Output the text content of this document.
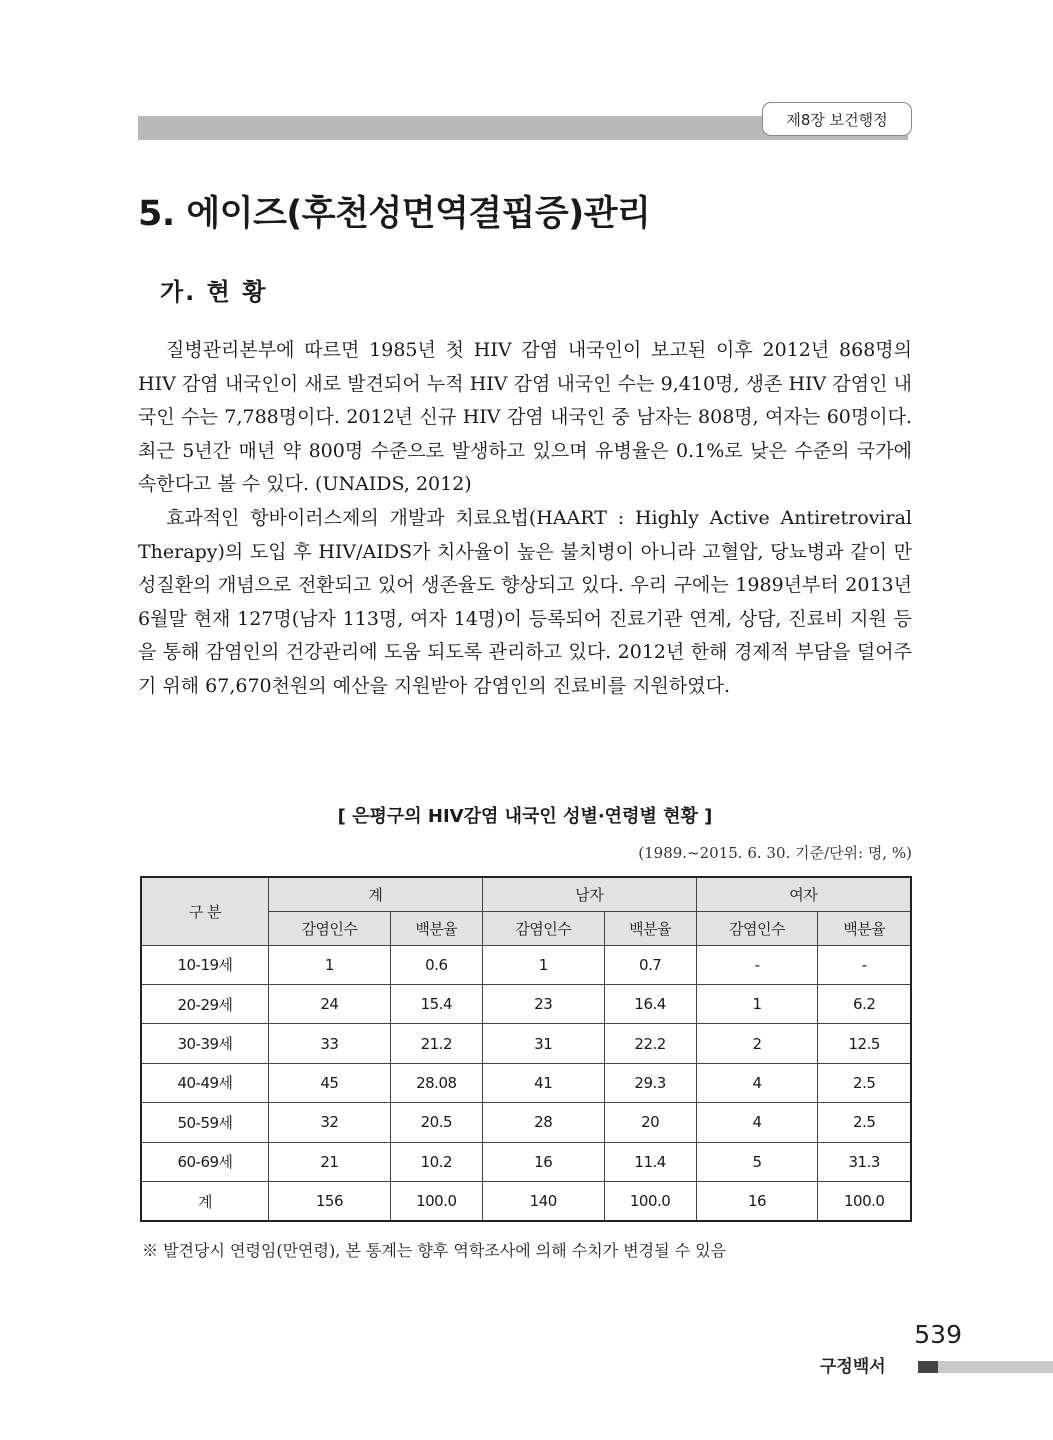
제8장 보건행정
5. 에이즈(후천성면역결핍증)관리
가. 현 황

질병관리본부에 따르면 1985년 첫 HIV 감염 내국인이 보고된 이후 2012년 868명의 HIV 감염 내국인이 새로 발견되어 누적 HIV 감염 내국인 수는 9,410명, 생존 HIV 감염인 내국인 수는 7,788명이다. 2012년 신규 HIV 감염 내국인 중 남자는 808명, 여자는 60명이다. 최근 5년간 매년 약 800명 수준으로 발생하고 있으며 유병율은 0.1%로 낮은 수준의 국가에 속한다고 볼 수 있다. (UNAIDS, 2012)

효과적인 항바이러스제의 개발과 치료요법(HAART : Highly Active Antiretroviral Therapy)의 도입 후 HIV/AIDS가 치사율이 높은 불치병이 아니라 고혈압, 당뇨병과 같이 만성질환의 개념으로 전환되고 있어 생존율도 향상되고 있다. 우리 구에는 1989년부터 2013년 6월말 현재 127명(남자 113명, 여자 14명)이 등록되어 진료기관 연계, 상담, 진료비 지원 등을 통해 감염인의 건강관리에 도움 되도록 관리하고 있다. 2012년 한해 경제적 부담을 덜어주기 위해 67,670천원의 예산을 지원받아 감염인의 진료비를 지원하였다.

[ 은평구의 HIV감염 내국인 성별·연령별 현황 ]
(1989.~2015. 6. 30. 기준/단위: 명, %)
구 분	계		남자		여자	
	감염인수	백분율	감염인수	백분율	감염인수	백분율
10-19세	1	0.6	1	0.7	-	-
20-29세	24	15.4	23	16.4	1	6.2
30-39세	33	21.2	31	22.2	2	12.5
40-49세	45	28.08	41	29.3	4	2.5
50-59세	32	20.5	28	20	4	2.5
60-69세	21	10.2	16	11.4	5	31.3
계	156	100.0	140	100.0	16	100.0
※ 발견당시 연령임(만연령), 본 통계는 향후 역학조사에 의해 수치가 변경될 수 있음
539
구정백서
